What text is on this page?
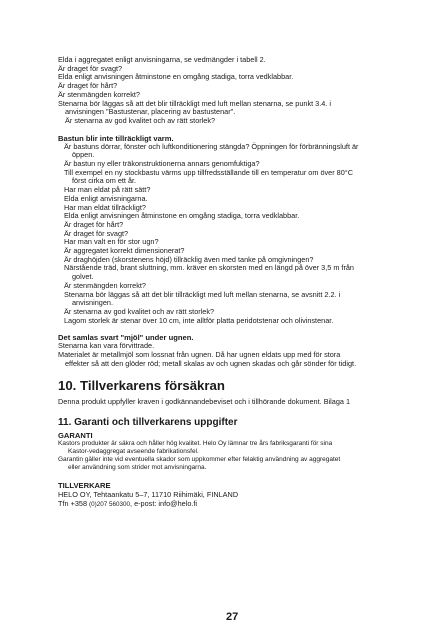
Elda i aggregatet enligt anvisningarna, se vedmängder i tabell 2.
Är draget för svagt?
Elda enligt anvisningen åtminstone en omgång stadiga, torra vedklabbar.
Är draget för hårt?
Är stenmängden korrekt?
Stenarna bör läggas så att det blir tillräckligt med luft mellan stenarna, se punkt 3.4. i
anvisningen "Bastustenar, placering av bastustenar".
Är stenarna av god kvalitet och av rätt storlek?
Bastun blir inte tillräckligt varm.
Är bastuns dörrar, fönster och luftkonditionering stängda? Öppningen för förbränningsluft är
öppen.
Är bastun ny eller träkonstruktionerna annars genomfuktiga?
Till exempel en ny stockbastu värms upp tillfredsställande till en temperatur om över 80°C
först cirka om ett år.
Har man eldat på rätt sätt?
Elda enligt anvisningarna.
Har man eldat tillräckligt?
Elda enligt anvisningen åtminstone en omgång stadiga, torra vedklabbar.
Är draget för hårt?
Är draget för svagt?
Har man valt en för stor ugn?
Är aggregatet korrekt dimensionerat?
Är draghöjden (skorstenens höjd) tillräcklig även med tanke på omgivningen?
Närstående träd, brant sluttning, mm. kräver en skorsten med en längd på över 3,5 m från
golvet.
Är stenmängden korrekt?
Stenarna bör läggas så att det blir tillräckligt med luft mellan stenarna, se avsnitt 2.2. i
anvisningen.
Är stenarna av god kvalitet och av rätt storlek?
Lagom storlek är stenar över 10 cm, inte alltför platta peridotstenar och olivinstenar.
Det samlas svart "mjöl" under ugnen.
Stenarna kan vara förvittrade.
Materialet är metallmjöl som lossnat från ugnen. Då har ugnen eldats upp med för stora
effekter så att den glöder röd; metall skalas av och ugnen skadas och går sönder för tidigt.
10. Tillverkarens försäkran
Denna produkt uppfyller kraven i godkännandebeviset och i tillhörande dokument. Bilaga 1
11. Garanti och tillverkarens uppgifter
GARANTI
Kastors produkter är säkra och håller hög kvalitet. Helo Oy lämnar tre års fabriksgaranti för sina
Kastor-vedaggregat avseende fabrikationsfel.
Garantin gäller inte vid eventuella skador som uppkommer efter felaktig användning av aggregatet
eller användning som strider mot anvisningarna.
TILLVERKARE
HELO OY, Tehtaankatu 5–7, 11710 Riihimäki, FINLAND
Tfn +358 (0)207 560300, e-post: info@helo.fi
27
